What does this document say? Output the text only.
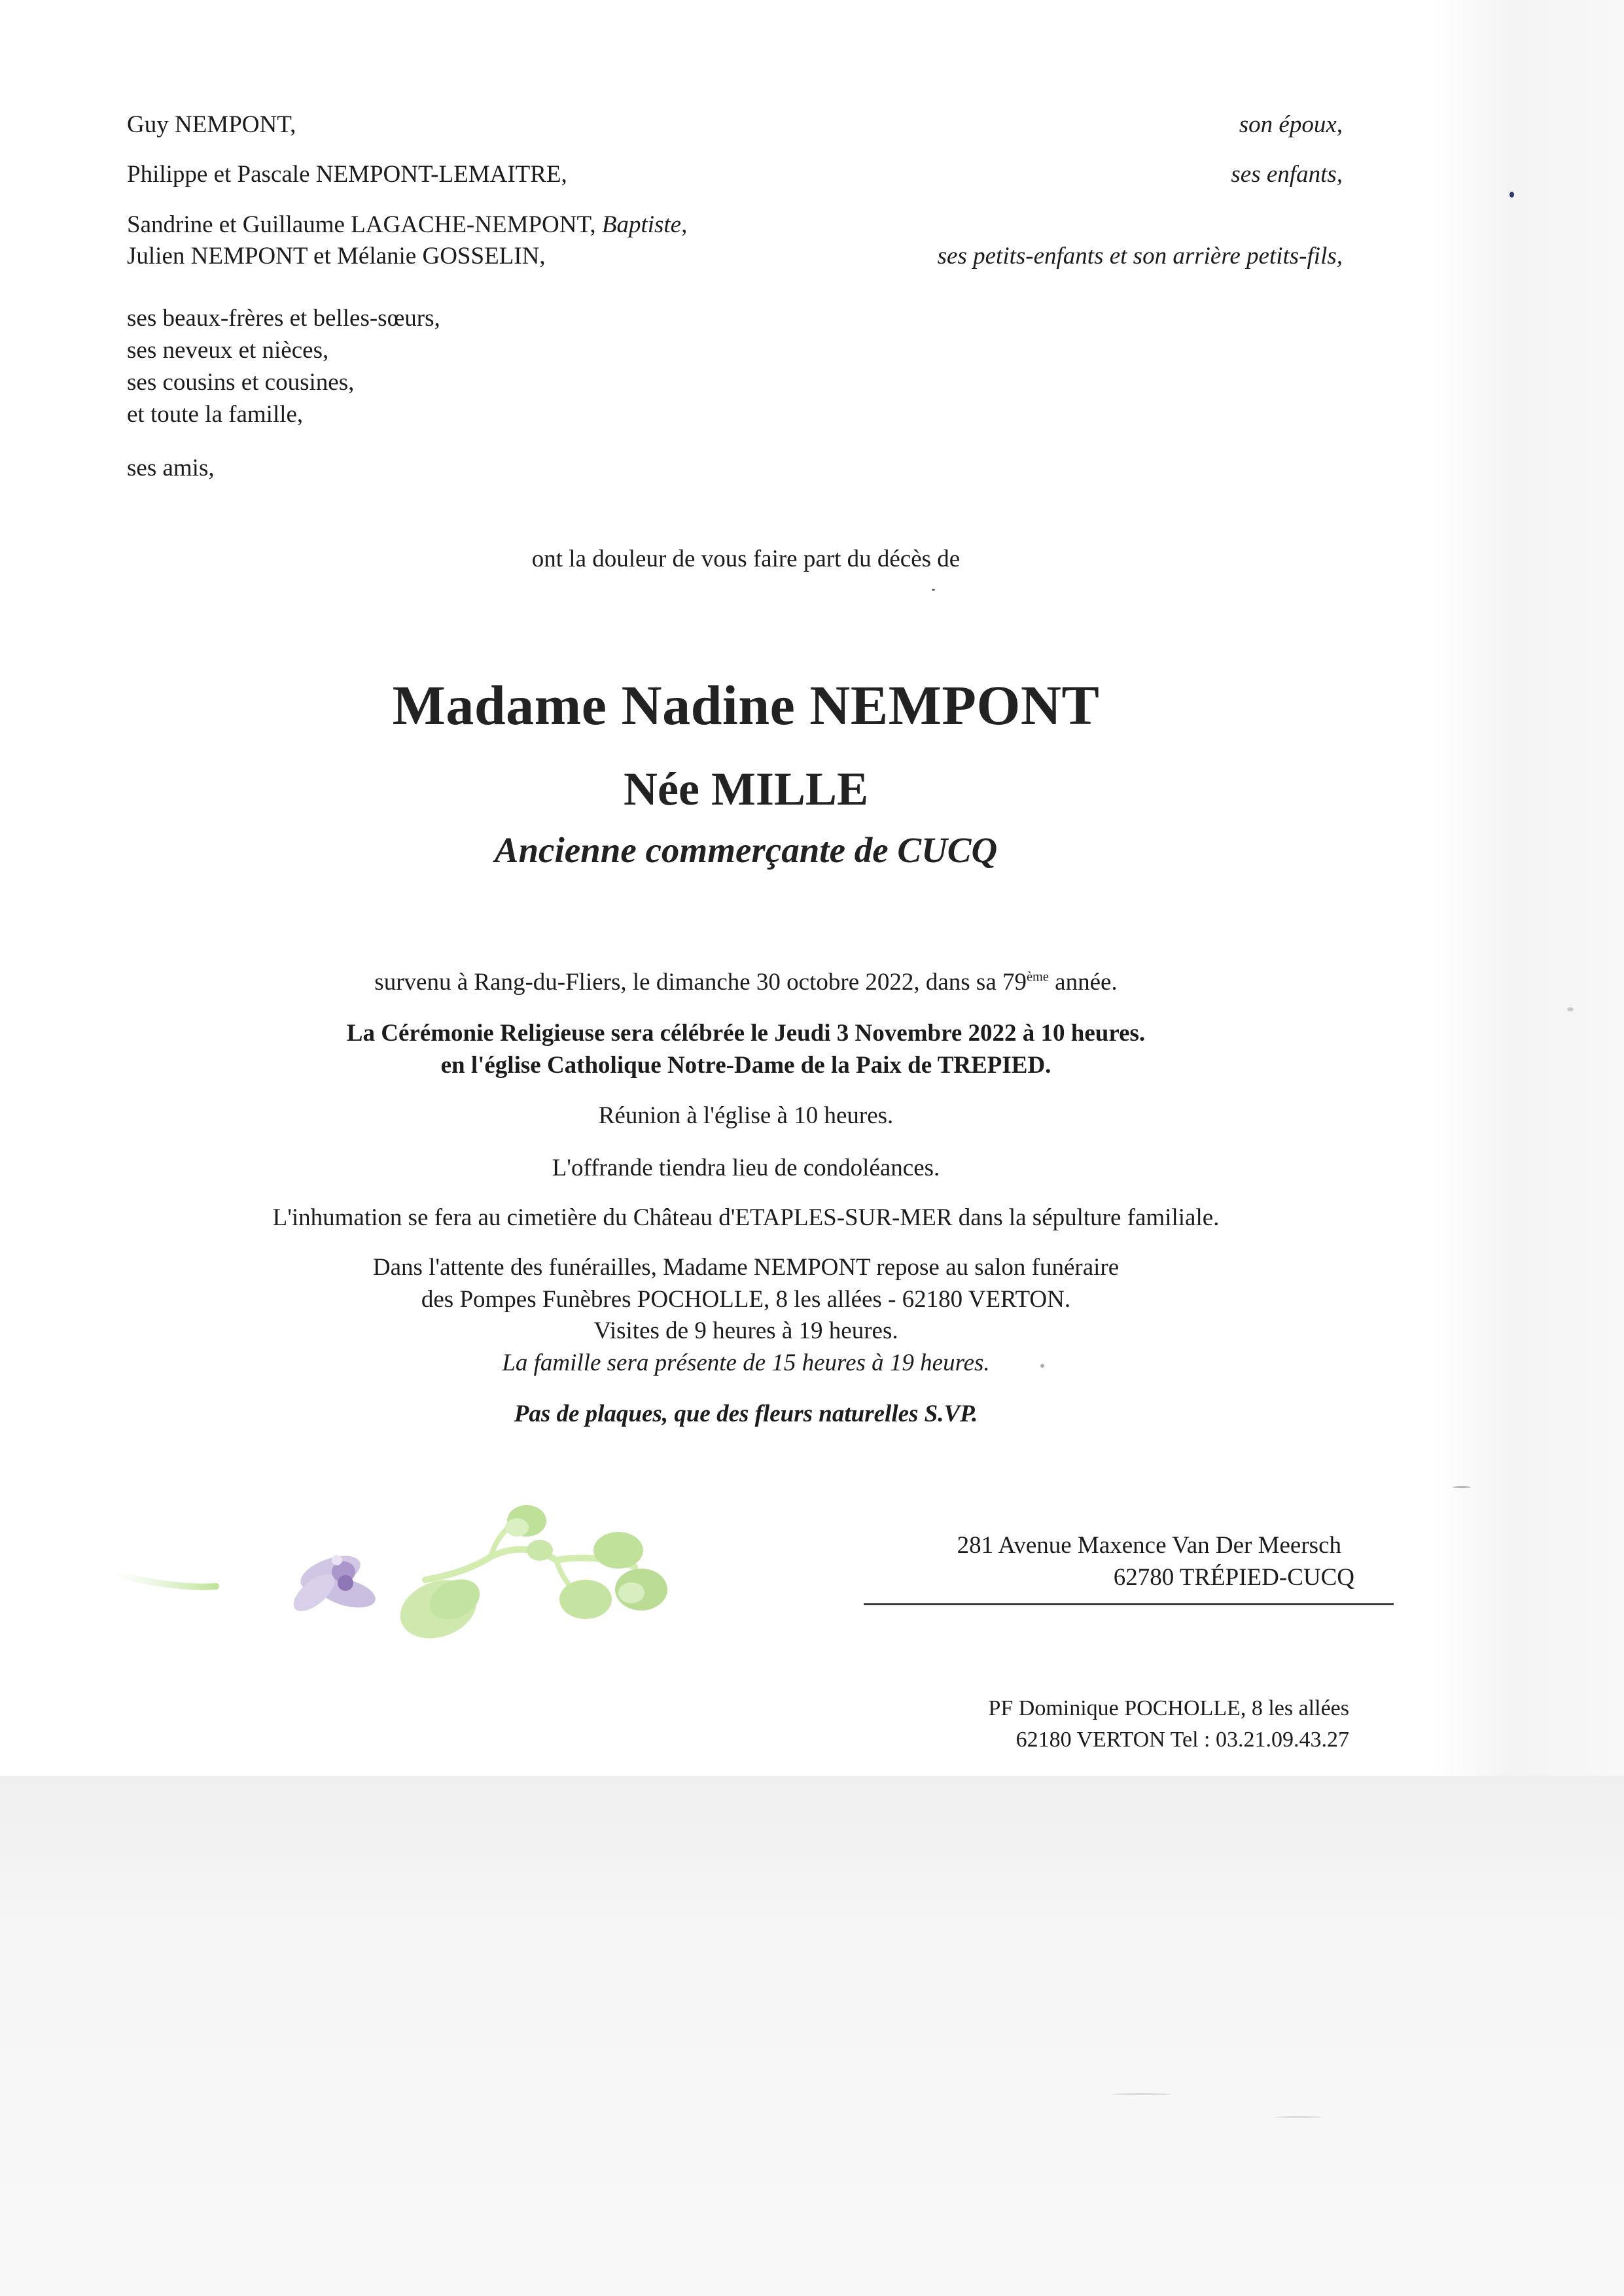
Guy NEMPONT,	son époux,
Philippe et Pascale NEMPONT-LEMAITRE,	ses enfants,
Sandrine et Guillaume LAGACHE-NEMPONT, Baptiste,
Julien NEMPONT et Mélanie GOSSELIN,	ses petits-enfants et son arrière petits-fils,
ses beaux-frères et belles-sœurs,
ses neveux et nièces,
ses cousins et cousines,
et toute la famille,
ses amis,
ont la douleur de vous faire part du décès de
Madame Nadine NEMPONT
Née MILLE
Ancienne commerçante de CUCQ
survenu à Rang-du-Fliers, le dimanche 30 octobre 2022, dans sa 79ème année.
La Cérémonie Religieuse sera célébrée le Jeudi 3 Novembre 2022 à 10 heures.
en l'église Catholique Notre-Dame de la Paix de TREPIED.
Réunion à l'église à 10 heures.
L'offrande tiendra lieu de condoléances.
L'inhumation se fera au cimetière du Château d'ETAPLES-SUR-MER dans la sépulture familiale.
Dans l'attente des funérailles, Madame NEMPONT repose au salon funéraire
des Pompes Funèbres POCHOLLE, 8 les allées - 62180 VERTON.
Visites de 9 heures à 19 heures.
La famille sera présente de 15 heures à 19 heures.
Pas de plaques, que des fleurs naturelles S.VP.
281 Avenue Maxence Van Der Meersch
62780 TRÉPIED-CUCQ
PF Dominique POCHOLLE, 8 les allées
62180 VERTON Tel : 03.21.09.43.27
